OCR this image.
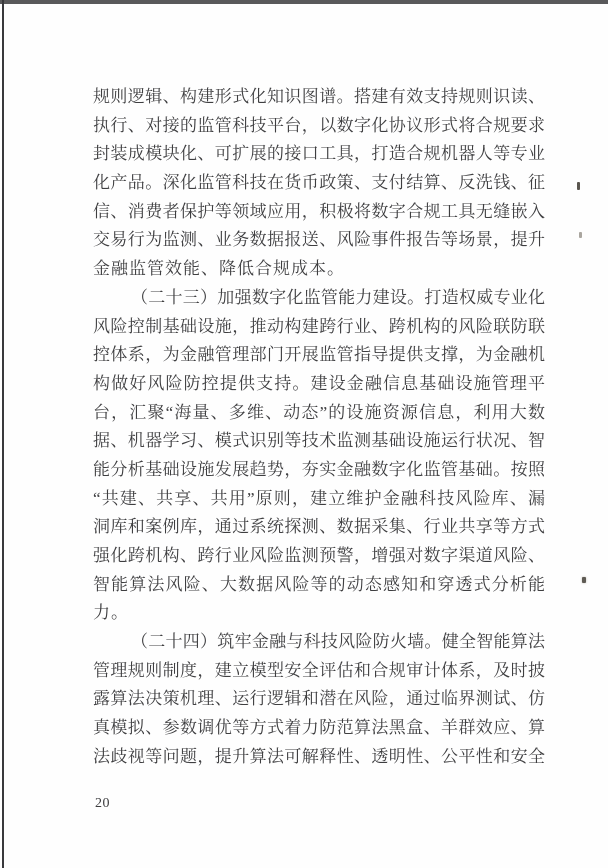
规则逻辑、构建形式化知识图谱。搭建有效支持规则识读、
执行、对接的监管科技平台，以数字化协议形式将合规要求
封装成模块化、可扩展的接口工具，打造合规机器人等专业
化产品。深化监管科技在货币政策、支付结算、反洗钱、征
信、消费者保护等领域应用，积极将数字合规工具无缝嵌入
交易行为监测、业务数据报送、风险事件报告等场景，提升
金融监管效能、降低合规成本。
（二十三）加强数字化监管能力建设。打造权威专业化
风险控制基础设施，推动构建跨行业、跨机构的风险联防联
控体系，为金融管理部门开展监管指导提供支撑，为金融机
构做好风险防控提供支持。建设金融信息基础设施管理平
台，汇聚“海量、多维、动态”的设施资源信息，利用大数
据、机器学习、模式识别等技术监测基础设施运行状况、智
能分析基础设施发展趋势，夯实金融数字化监管基础。按照
“共建、共享、共用”原则，建立维护金融科技风险库、漏
洞库和案例库，通过系统探测、数据采集、行业共享等方式
强化跨机构、跨行业风险监测预警，增强对数字渠道风险、
智能算法风险、大数据风险等的动态感知和穿透式分析能
力。
（二十四）筑牢金融与科技风险防火墙。健全智能算法
管理规则制度，建立模型安全评估和合规审计体系，及时披
露算法决策机理、运行逻辑和潜在风险，通过临界测试、仿
真模拟、参数调优等方式着力防范算法黑盒、羊群效应、算
法歧视等问题，提升算法可解释性、透明性、公平性和安全
20
